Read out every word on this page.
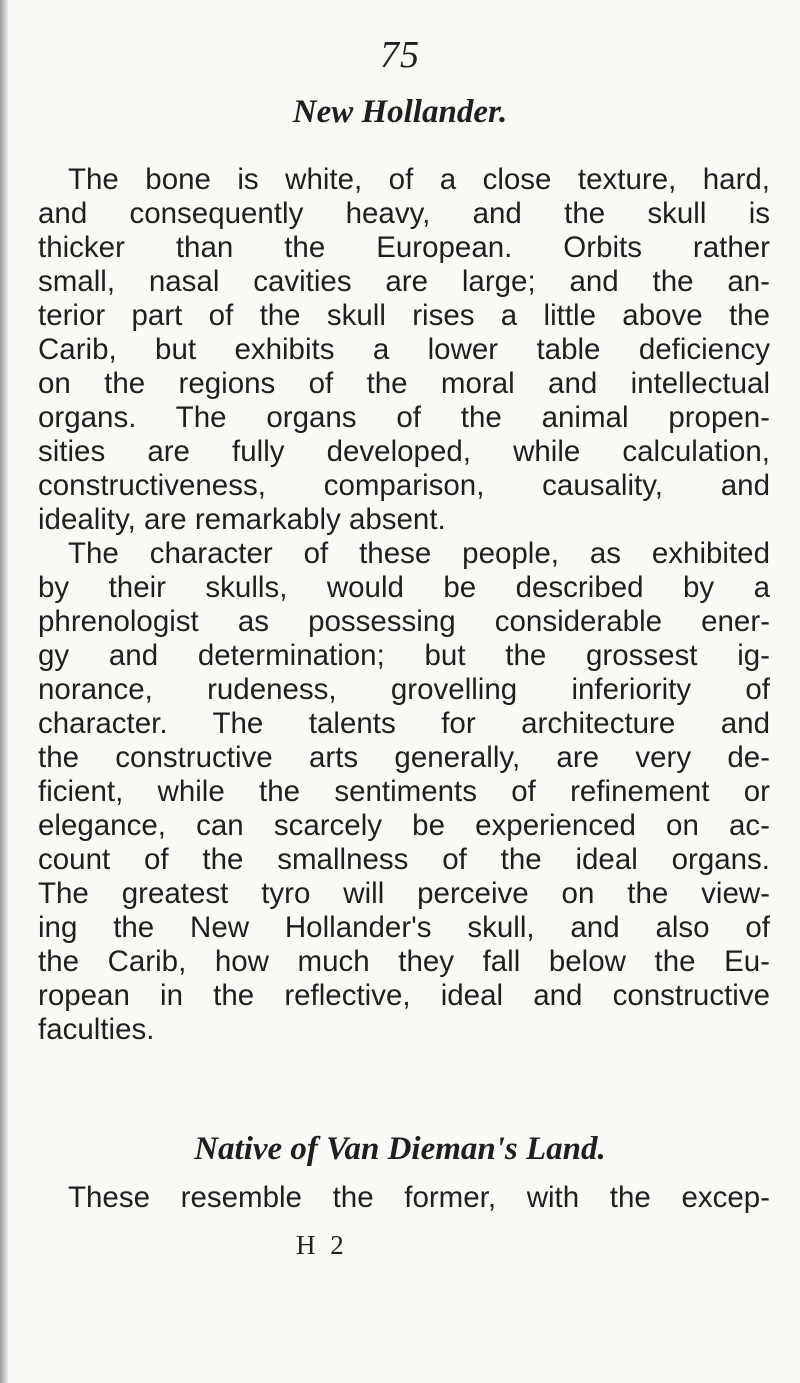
75
New Hollander.
The bone is white, of a close texture, hard,
and consequently heavy, and the skull is
thicker than the European. Orbits rather
small, nasal cavities are large; and the an-
terior part of the skull rises a little above the
Carib, but exhibits a lower table deficiency
on the regions of the moral and intellectual
organs. The organs of the animal propen-
sities are fully developed, while calculation,
constructiveness, comparison, causality, and
ideality, are remarkably absent.
The character of these people, as exhibited
by their skulls, would be described by a
phrenologist as possessing considerable ener-
gy and determination; but the grossest ig-
norance, rudeness, grovelling inferiority of
character. The talents for architecture and
the constructive arts generally, are very de-
ficient, while the sentiments of refinement or
elegance, can scarcely be experienced on ac-
count of the smallness of the ideal organs.
The greatest tyro will perceive on the view-
ing the New Hollander's skull, and also of
the Carib, how much they fall below the Eu-
ropean in the reflective, ideal and constructive
faculties.
Native of Van Dieman's Land.
These resemble the former, with the excep-
H 2
